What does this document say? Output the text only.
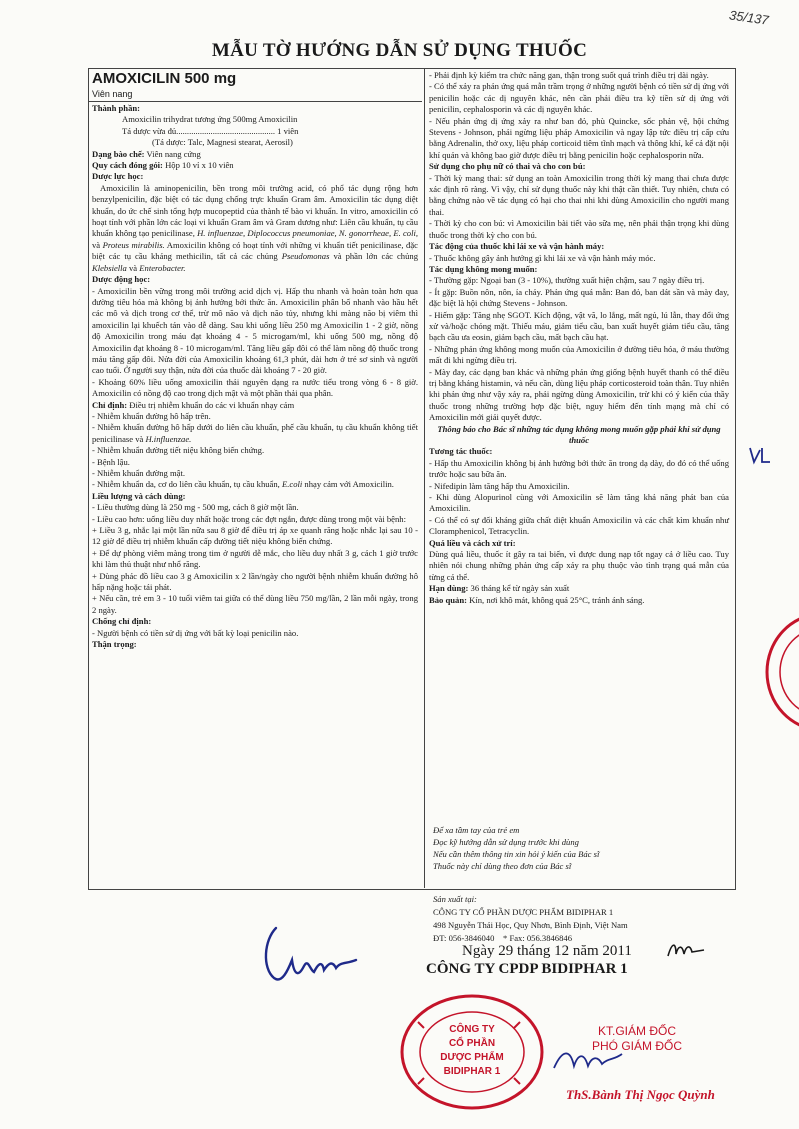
35/137
MẪU TỜ HƯỚNG DẪN SỬ DỤNG THUỐC
AMOXICILIN 500 mg
Viên nang

Thành phần:

Amoxicilin trihydrat tương ứng 500mg Amoxicilin

Tá dược vừa đủ.............................................. 1 viên

(Tá dược: Talc, Magnesi stearat, Aerosil)

Dạng bào chế: Viên nang cứng

Quy cách đóng gói: Hộp 10 vỉ x 10 viên

Dược lực học:

Amoxicilin là aminopenicilin, bền trong môi trường acid, có phổ tác dụng rộng hơn benzylpenicilin, đặc biệt có tác dụng chống trực khuẩn Gram âm. Amoxicilin tác dụng diệt khuẩn, do ức chế sinh tổng hợp mucopeptid của thành tế bào vi khuẩn. In vitro, amoxicilin có hoạt tính với phần lớn các loại vi khuẩn Gram âm và Gram dương như: Liên cầu khuẩn, tụ cầu khuẩn không tạo penicilinase, H. influenzae, Diplococcus pneumoniae, N. gonorrheae, E. coli, và Proteus mirabilis. Amoxicilin không có hoạt tính với những vi khuẩn tiết penicilinase, đặc biệt các tụ cầu kháng methicilin, tất cả các chủng Pseudomonas và phần lớn các chủng Klebsiella và Enterobacter.

Dược động học:

- Amoxicilin bền vững trong môi trường acid dịch vị. Hấp thu nhanh và hoàn toàn hơn qua đường tiêu hóa mà không bị ảnh hưởng bởi thức ăn. Amoxicilin phân bố nhanh vào hầu hết các mô và dịch trong cơ thể, trừ mô não và dịch não tủy, nhưng khi màng não bị viêm thì amoxicilin lại khuếch tán vào dễ dàng. Sau khi uống liều 250 mg Amoxicilin 1 - 2 giờ, nồng độ Amoxicilin trong máu đạt khoảng 4 - 5 microgam/ml, khi uống 500 mg, nồng độ Amoxicilin đạt khoảng 8 - 10 microgam/ml. Tăng liều gấp đôi có thể làm nồng độ thuốc trong máu tăng gấp đôi. Nửa đời của Amoxicilin khoảng 61,3 phút, dài hơn ở trẻ sơ sinh và người cao tuổi. Ở người suy thận, nửa đời của thuốc dài khoảng 7 - 20 giờ.

- Khoảng 60% liều uống amoxicilin thải nguyên dạng ra nước tiểu trong vòng 6 - 8 giờ. Amoxicilin có nồng độ cao trong dịch mật và một phần thải qua phân.

Chỉ định: Điều trị nhiễm khuẩn do các vi khuẩn nhạy cảm

- Nhiễm khuẩn đường hô hấp trên.

- Nhiễm khuẩn đường hô hấp dưới do liên cầu khuẩn, phế cầu khuẩn, tụ cầu khuẩn không tiết penicilinase và H.influenzae.

- Nhiễm khuẩn đường tiết niệu không biến chứng.

- Bệnh lậu.

- Nhiễm khuẩn đường mật.

- Nhiễm khuẩn da, cơ do liên cầu khuẩn, tụ cầu khuẩn, E.coli nhạy cảm với Amoxicilin.

Liều lượng và cách dùng:

- Liều thường dùng là 250 mg - 500 mg, cách 8 giờ một lần.

- Liều cao hơn: uống liều duy nhất hoặc trong các đợt ngắn, được dùng trong một vài bệnh:

+ Liều 3 g, nhắc lại một lần nữa sau 8 giờ để điều trị áp xe quanh răng hoặc nhắc lại sau 10 - 12 giờ để điều trị nhiễm khuẩn cấp đường tiết niệu không biến chứng.

+ Để dự phòng viêm màng trong tim ở người dễ mắc, cho liều duy nhất 3 g, cách 1 giờ trước khi làm thủ thuật như nhổ răng.

+ Dùng phác đồ liều cao 3 g Amoxicilin x 2 lần/ngày cho người bệnh nhiễm khuẩn đường hô hấp nặng hoặc tái phát.

+ Nếu cần, trẻ em 3 - 10 tuổi viêm tai giữa có thể dùng liều 750 mg/lần, 2 lần mỗi ngày, trong 2 ngày.

Chống chỉ định:

- Người bệnh có tiền sử dị ứng với bất kỳ loại penicilin nào.

Thận trọng:

- Phải định kỳ kiểm tra chức năng gan, thận trong suốt quá trình điều trị dài ngày.

- Có thể xảy ra phản ứng quá mẫn trầm trọng ở những người bệnh có tiền sử dị ứng với penicilin hoặc các dị nguyên khác, nên cần phải điều tra kỹ tiền sử dị ứng với penicilin, cephalosporin và các dị nguyên khác.

- Nếu phản ứng dị ứng xảy ra như ban đỏ, phù Quincke, sốc phản vệ, hội chứng Stevens - Johnson, phải ngừng liệu pháp Amoxicilin và ngay lập tức điều trị cấp cứu bằng Adrenalin, thở oxy, liệu pháp corticoid tiêm tĩnh mạch và thông khí, kể cả đặt nội khí quản và không bao giờ được điều trị bằng penicilin hoặc cephalosporin nữa.

Sử dụng cho phụ nữ có thai và cho con bú:

- Thời kỳ mang thai: sử dụng an toàn Amoxicilin trong thời kỳ mang thai chưa được xác định rõ ràng. Vì vậy, chỉ sử dụng thuốc này khi thật cần thiết. Tuy nhiên, chưa có bằng chứng nào về tác dụng có hại cho thai nhi khi dùng Amoxicilin cho người mang thai.

- Thời kỳ cho con bú: vì Amoxicilin bài tiết vào sữa mẹ, nên phải thận trọng khi dùng thuốc trong thời kỳ cho con bú.

Tác động của thuốc khi lái xe và vận hành máy:

- Thuốc không gây ảnh hưởng gì khi lái xe và vận hành máy móc.

Tác dụng không mong muốn:

- Thường gặp: Ngoại ban (3 - 10%), thường xuất hiện chậm, sau 7 ngày điều trị.

- Ít gặp: Buồn nôn, nôn, ỉa chảy. Phản ứng quá mẫn: Ban đỏ, ban dát sần và mày đay, đặc biệt là hội chứng Stevens - Johnson.

- Hiếm gặp: Tăng nhẹ SGOT. Kích động, vật vã, lo lắng, mất ngủ, lú lẫn, thay đổi ứng xử và/hoặc chóng mặt. Thiếu máu, giảm tiểu cầu, ban xuất huyết giảm tiểu cầu, tăng bạch cầu ưa eosin, giảm bạch cầu, mất bạch cầu hạt.

- Những phản ứng không mong muốn của Amoxicilin ở đường tiêu hóa, ở máu thường mất đi khi ngừng điều trị.

- Mày đay, các dạng ban khác và những phản ứng giống bệnh huyết thanh có thể điều trị bằng kháng histamin, và nếu cần, dùng liệu pháp corticosteroid toàn thân. Tuy nhiên khi phản ứng như vậy xảy ra, phải ngừng dùng Amoxicilin, trừ khi có ý kiến của thầy thuốc trong những trường hợp đặc biệt, nguy hiểm đến tính mạng mà chỉ có Amoxicilin mới giải quyết được.

Thông báo cho Bác sĩ những tác dụng không mong muốn gặp phải khi sử dụng thuốc

Tương tác thuốc:

- Hấp thu Amoxicilin không bị ảnh hưởng bởi thức ăn trong dạ dày, do đó có thể uống trước hoặc sau bữa ăn.

- Nifedipin làm tăng hấp thu Amoxicilin.

- Khi dùng Alopurinol cùng với Amoxicilin sẽ làm tăng khả năng phát ban của Amoxicilin.

- Có thể có sự đối kháng giữa chất diệt khuẩn Amoxicilin và các chất kìm khuẩn như Cloramphenicol, Tetracyclin.

Quá liều và cách xử trí:

Dùng quá liều, thuốc ít gây ra tai biến, vì được dung nạp tốt ngay cả ở liều cao. Tuy nhiên nói chung những phản ứng cấp xảy ra phụ thuộc vào tình trạng quá mẫn của từng cá thể.

Hạn dùng: 36 tháng kể từ ngày sản xuất

Bảo quản: Kín, nơi khô mát, không quá 25°C, tránh ánh sáng.

Để xa tầm tay của trẻ em
Đọc kỹ hướng dẫn sử dụng trước khi dùng
Nếu cần thêm thông tin xin hỏi ý kiến của Bác sĩ
Thuốc này chỉ dùng theo đơn của Bác sĩ
Sản xuất tại:
CÔNG TY CỔ PHẦN DƯỢC PHẨM BIDIPHAR 1
498 Nguyễn Thái Học, Quy Nhơn, Bình Định, Việt Nam
ĐT: 056-3846040 * Fax: 056.3846846
Ngày 29 tháng 12 năm 2011
CÔNG TY CPDP BIDIPHAR 1
KT.GIÁM ĐỐC
PHÓ GIÁM ĐỐC
ThS.Bành Thị Ngọc Quỳnh
CÔNG TY
CỔ PHẦN
DƯỢC PHẨM
BIDIPHAR 1
